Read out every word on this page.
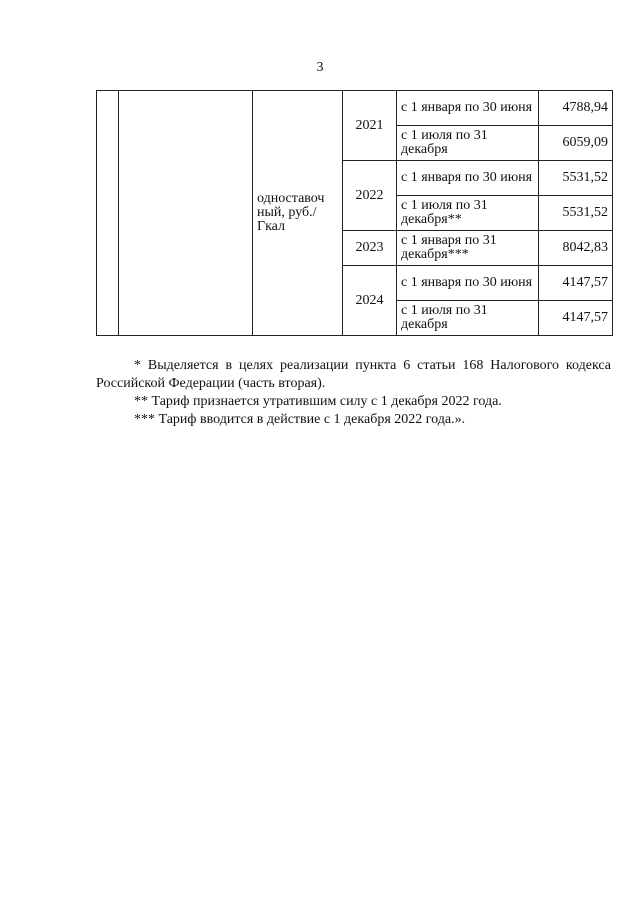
3
		одноставоч ный, руб./Гкал	2021	с 1 января по 30 июня	4788,94
				с 1 июля по 31 декабря	6059,09
			2022	с 1 января по 30 июня	5531,52
				с 1 июля по 31 декабря**	5531,52
			2023	с 1 января по 31 декабря***	8042,83
			2024	с 1 января по 30 июня	4147,57
				с 1 июля по 31 декабря	4147,57

* Выделяется в целях реализации пункта 6 статьи 168 Налогового кодекса Российской Федерации (часть вторая).

** Тариф признается утратившим силу с 1 декабря 2022 года.

*** Тариф вводится в действие с 1 декабря 2022 года.».
